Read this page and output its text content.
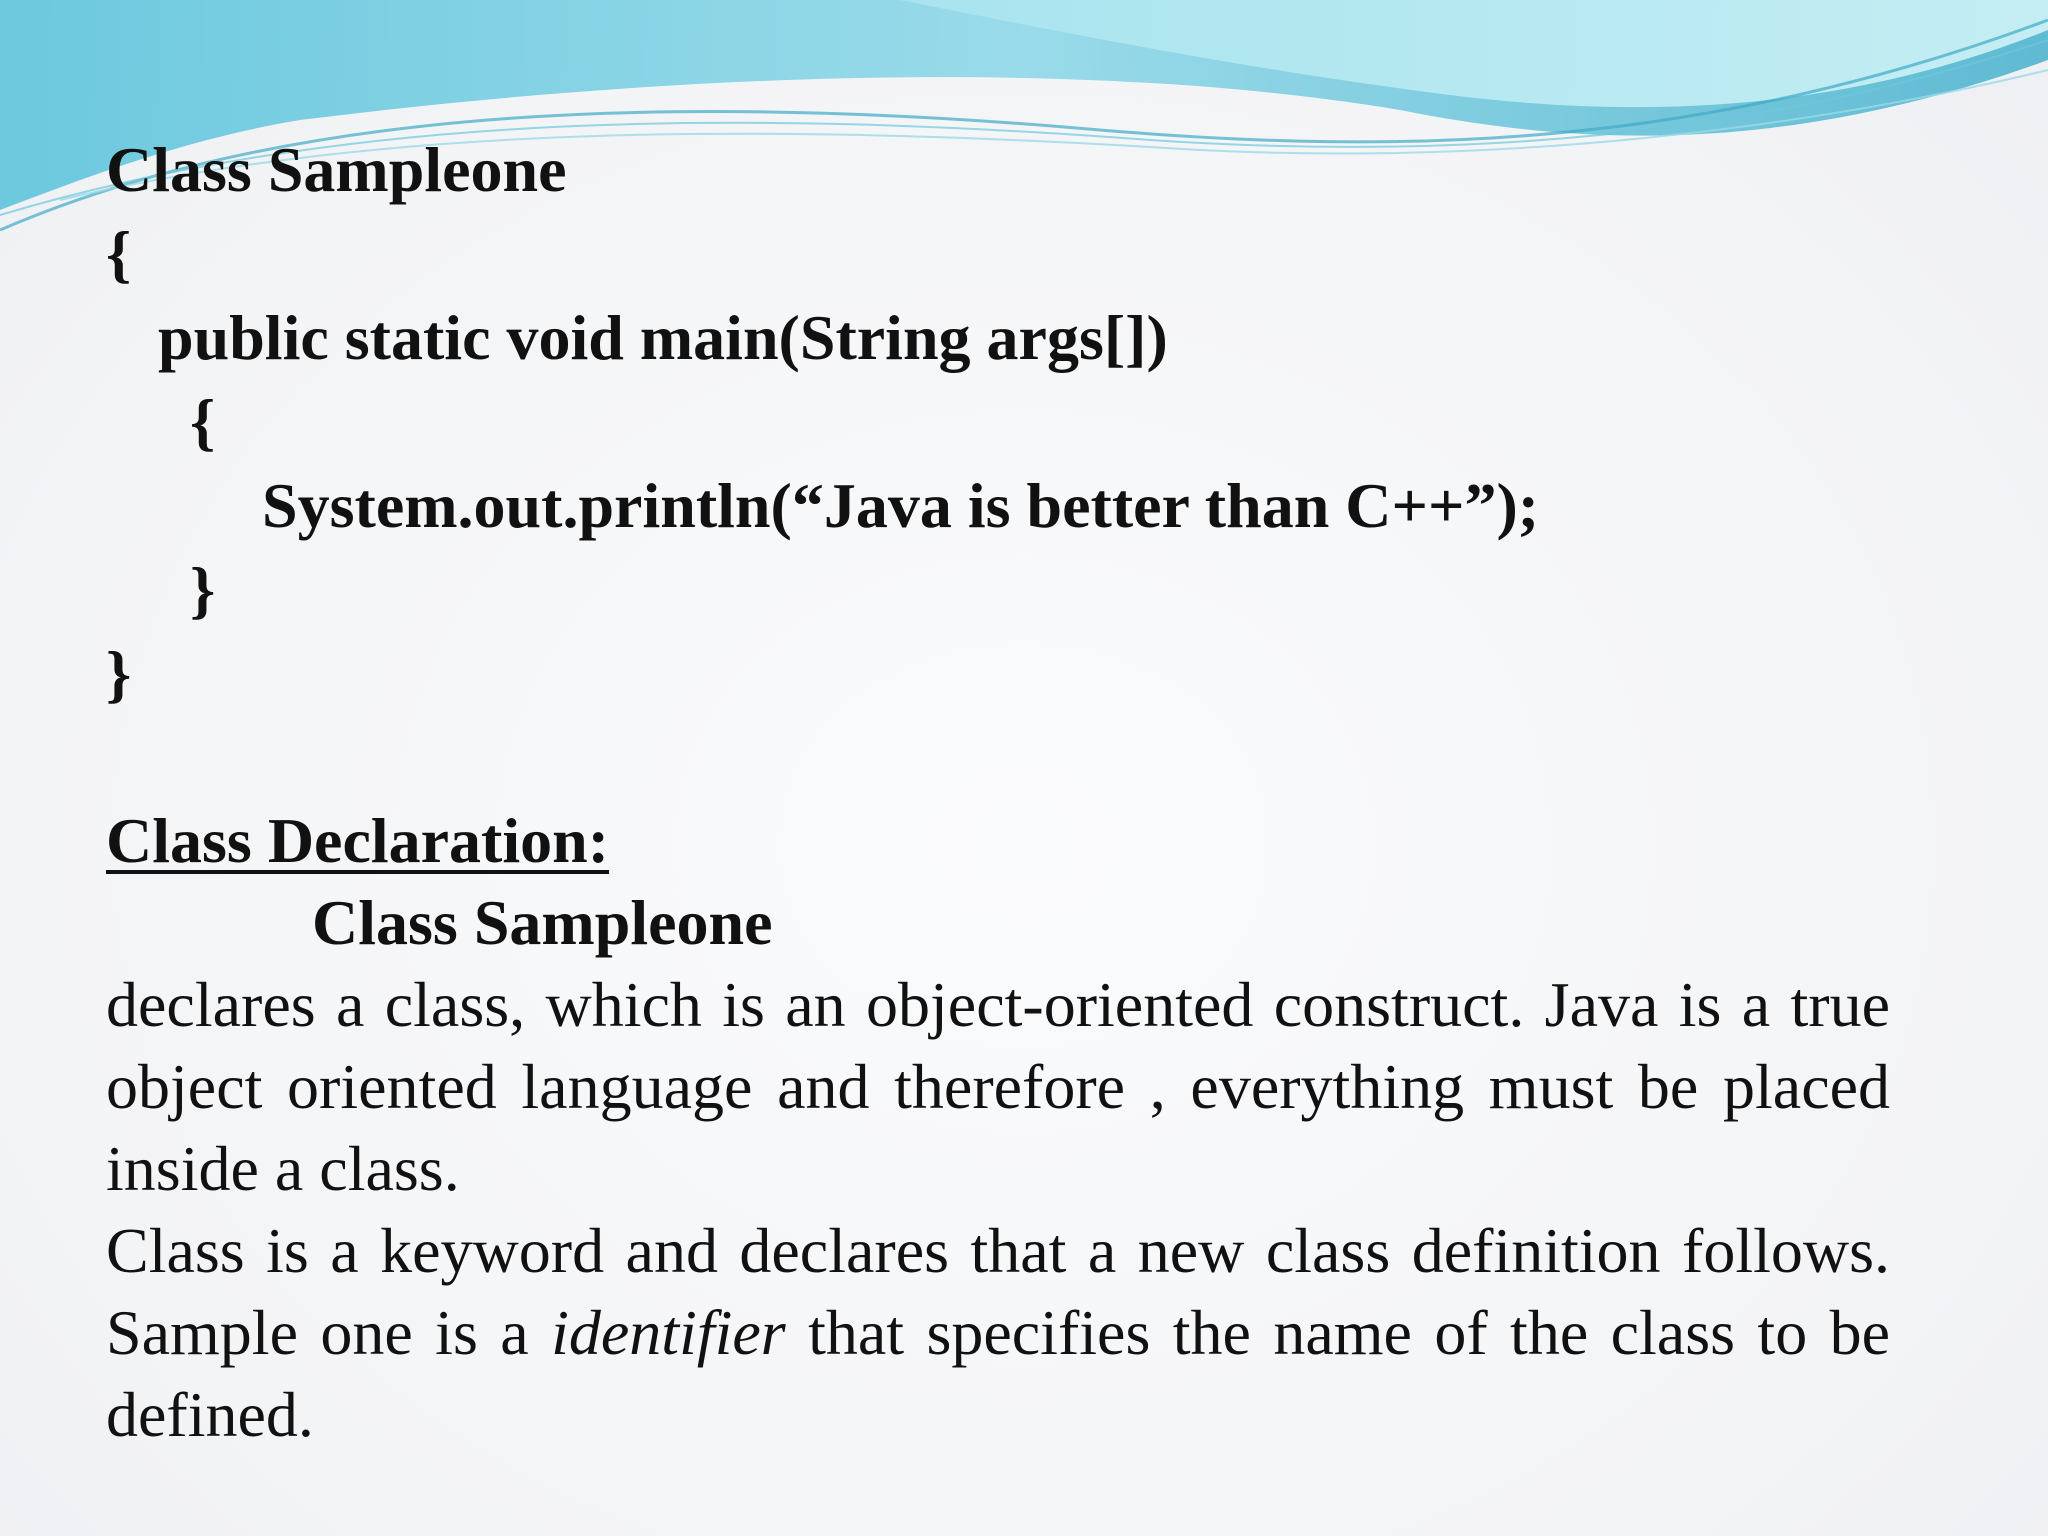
Class Sampleone
{
public static void main(String args[])
{
System.out.println(“Java is better than C++”);
}
}
Class Declaration:
Class Sampleone

declares a class, which is an object-oriented construct. Java is a true object oriented language and therefore , everything must be placed inside a class.

Class is a keyword and declares that a new class definition follows. Sample one is a identifier that specifies the name of the class to be defined.
